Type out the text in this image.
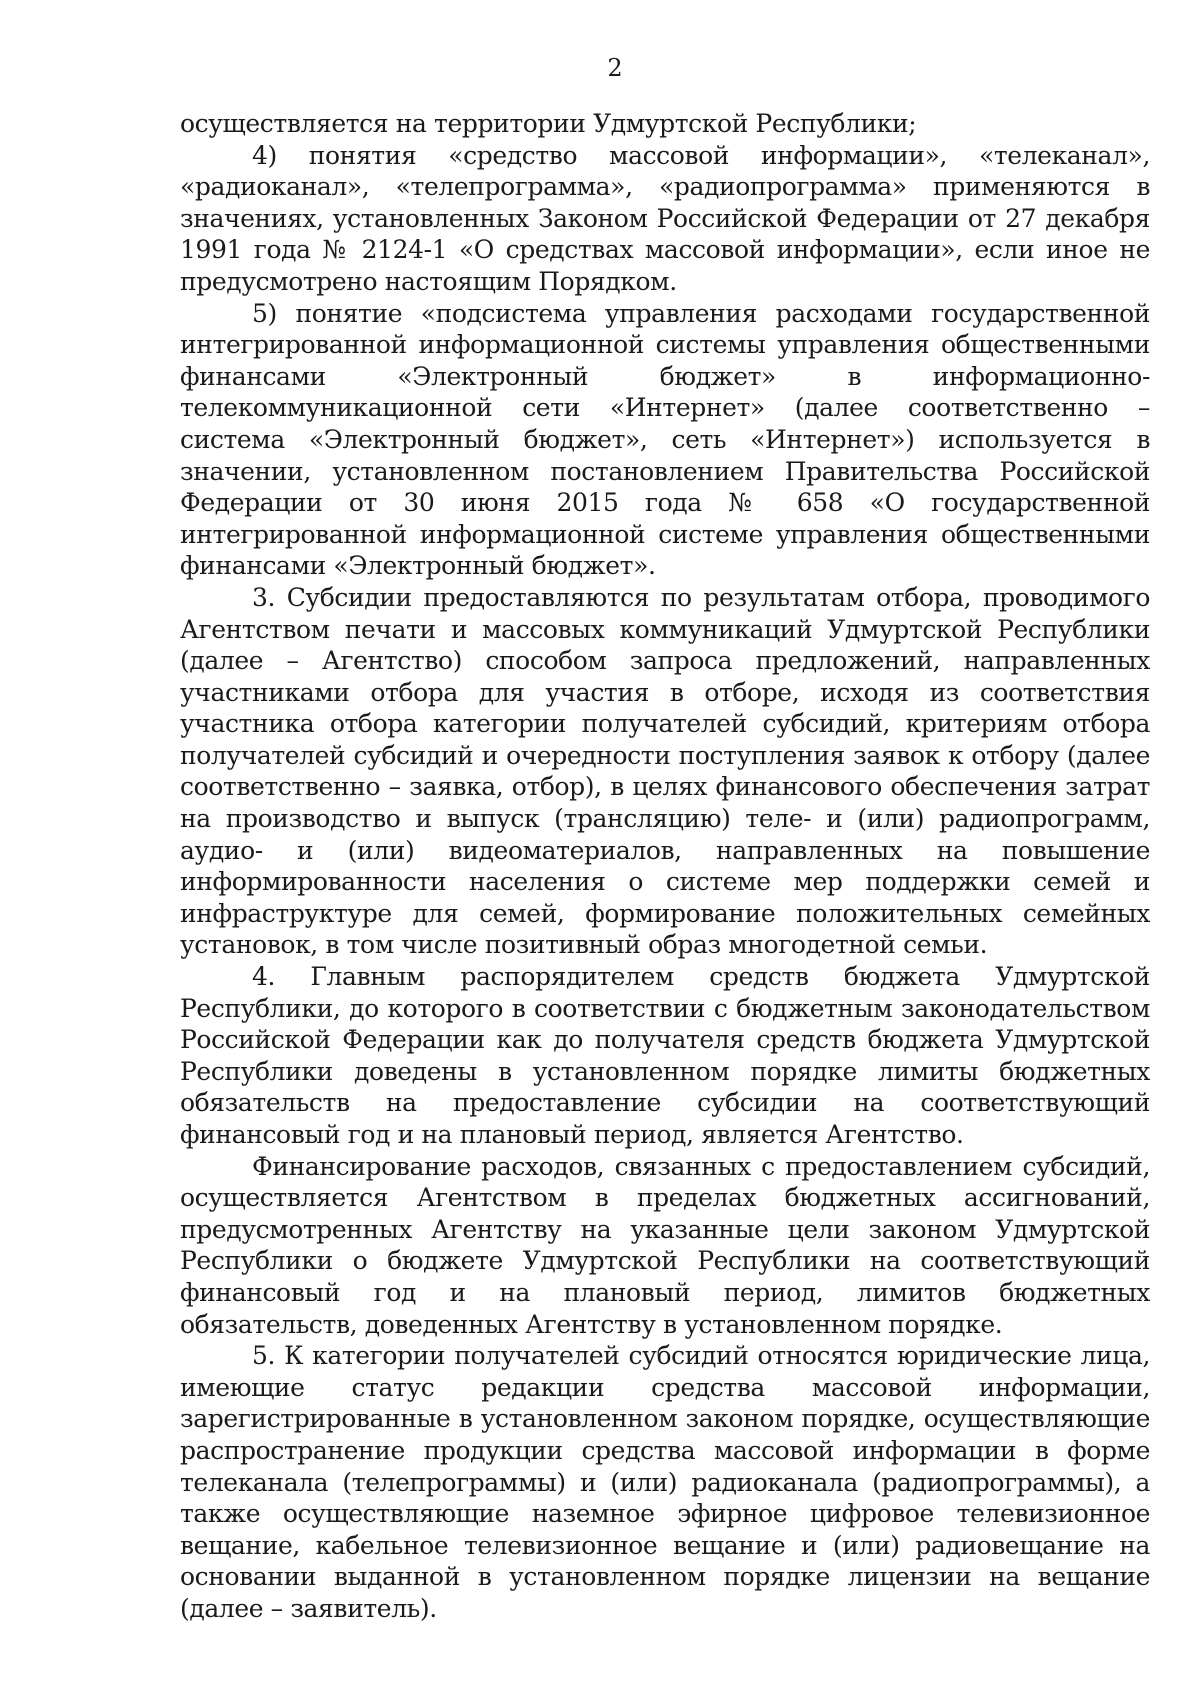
2

осуществляется на территории Удмуртской Республики;

4) понятия «средство массовой информации», «телеканал», «радиоканал», «телепрограмма», «радиопрограмма» применяются в значениях, установленных Законом Российской Федерации от 27 декабря 1991 года № 2124-1 «О средствах массовой информации», если иное не предусмотрено настоящим Порядком.

5) понятие «подсистема управления расходами государственной интегрированной информационной системы управления общественными финансами «Электронный бюджет» в информационно-телекоммуникационной сети «Интернет» (далее соответственно – система «Электронный бюджет», сеть «Интернет») используется в значении, установленном постановлением Правительства Российской Федерации от 30 июня 2015 года № 658 «О государственной интегрированной информационной системе управления общественными финансами «Электронный бюджет».

3. Субсидии предоставляются по результатам отбора, проводимого Агентством печати и массовых коммуникаций Удмуртской Республики (далее – Агентство) способом запроса предложений, направленных участниками отбора для участия в отборе, исходя из соответствия участника отбора категории получателей субсидий, критериям отбора получателей субсидий и очередности поступления заявок к отбору (далее соответственно – заявка, отбор), в целях финансового обеспечения затрат на производство и выпуск (трансляцию) теле- и (или) радиопрограмм, аудио- и (или) видеоматериалов, направленных на повышение информированности населения о системе мер поддержки семей и инфраструктуре для семей, формирование положительных семейных установок, в том числе позитивный образ многодетной семьи.

4. Главным распорядителем средств бюджета Удмуртской Республики, до которого в соответствии с бюджетным законодательством Российской Федерации как до получателя средств бюджета Удмуртской Республики доведены в установленном порядке лимиты бюджетных обязательств на предоставление субсидии на соответствующий финансовый год и на плановый период, является Агентство.

Финансирование расходов, связанных с предоставлением субсидий, осуществляется Агентством в пределах бюджетных ассигнований, предусмотренных Агентству на указанные цели законом Удмуртской Республики о бюджете Удмуртской Республики на соответствующий финансовый год и на плановый период, лимитов бюджетных обязательств, доведенных Агентству в установленном порядке.

5. К категории получателей субсидий относятся юридические лица, имеющие статус редакции средства массовой информации, зарегистрированные в установленном законом порядке, осуществляющие распространение продукции средства массовой информации в форме телеканала (телепрограммы) и (или) радиоканала (радиопрограммы), а также осуществляющие наземное эфирное цифровое телевизионное вещание, кабельное телевизионное вещание и (или) радиовещание на основании выданной в установленном порядке лицензии на вещание (далее – заявитель).
